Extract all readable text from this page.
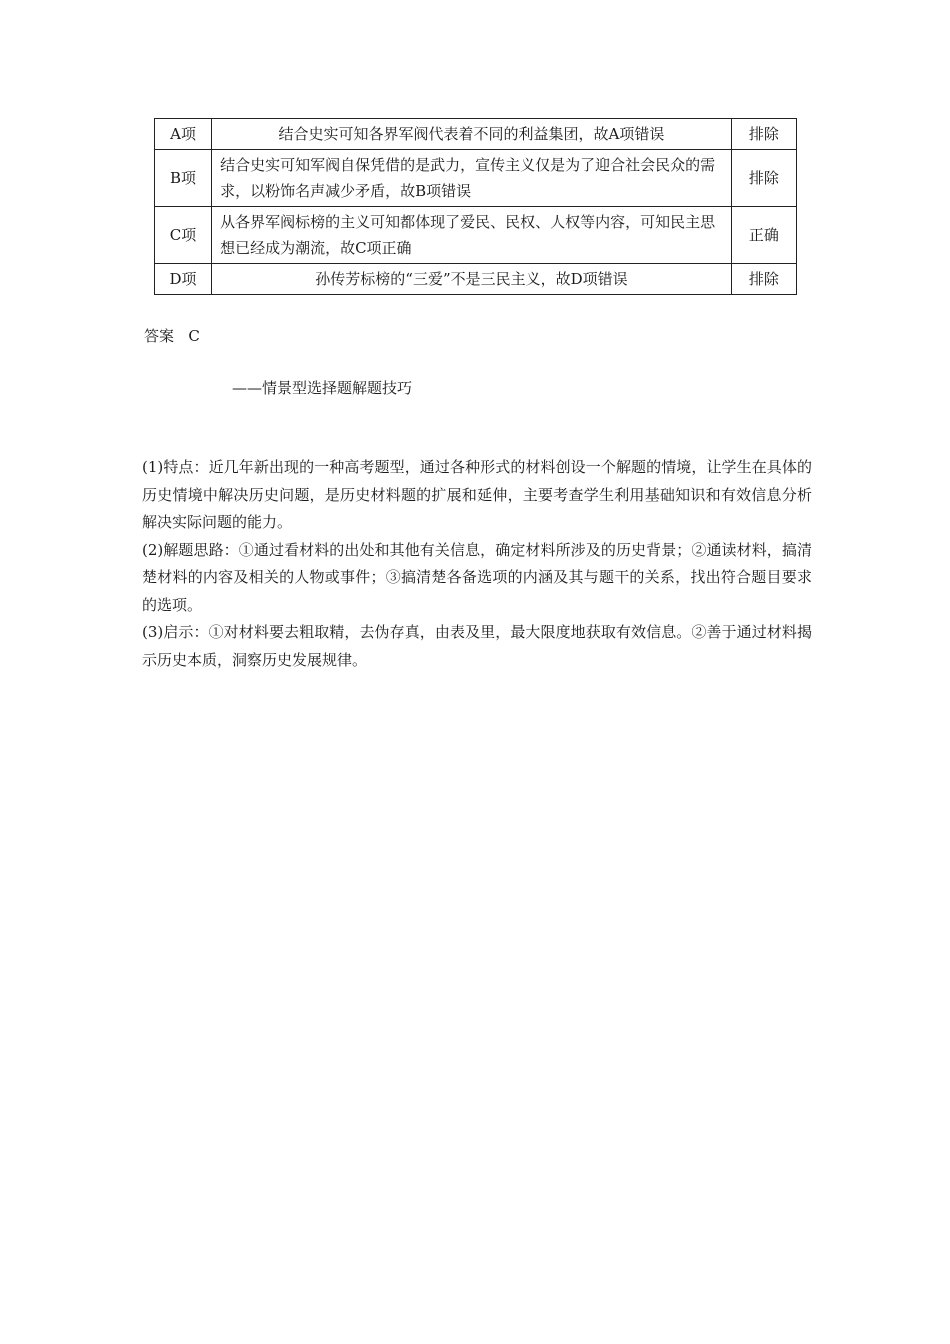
A项	结合史实可知各界军阀代表着不同的利益集团，故A项错误	排除
B项	结合史实可知军阀自保凭借的是武力，宣传主义仅是为了迎合社会民众的需求，以粉饰名声减少矛盾，故B项错误	排除
C项	从各界军阀标榜的主义可知都体现了爱民、民权、人权等内容，可知民主思想已经成为潮流，故C项正确	正确
D项	孙传芳标榜的“三爱”不是三民主义，故D项错误	排除
答案 C
——情景型选择题解题技巧

(1)特点：近几年新出现的一种高考题型，通过各种形式的材料创设一个解题的情境，让学生在具体的历史情境中解决历史问题，是历史材料题的扩展和延伸，主要考查学生利用基础知识和有效信息分析解决实际问题的能力。

(2)解题思路：①通过看材料的出处和其他有关信息，确定材料所涉及的历史背景；②通读材料，搞清楚材料的内容及相关的人物或事件；③搞清楚各备选项的内涵及其与题干的关系，找出符合题目要求的选项。

(3)启示：①对材料要去粗取精，去伪存真，由表及里，最大限度地获取有效信息。②善于通过材料揭示历史本质，洞察历史发展规律。
